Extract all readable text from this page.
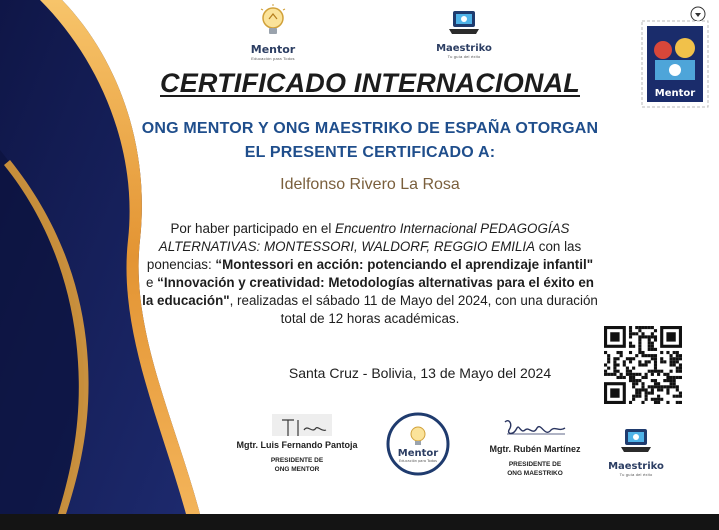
Mentor
Educación para Todos
Maestriko
Tu guía del éxito
Mentor
CERTIFICADO INTERNACIONAL
ONG MENTOR Y ONG MAESTRIKO DE ESPAÑA OTORGAN
EL PRESENTE CERTIFICADO A:
Idelfonso Rivero La Rosa
Por haber participado en el Encuentro Internacional PEDAGOGÍAS ALTERNATIVAS: MONTESSORI, WALDORF, REGGIO EMILIA con las ponencias: “Montessori en acción: potenciando el aprendizaje infantil" e “Innovación y creatividad: Metodologías alternativas para el éxito en la educación", realizadas el sábado 11 de Mayo del 2024, con una duración total de 12 horas académicas.
Santa Cruz - Bolivia, 13 de Mayo del 2024
Mgtr. Luis Fernando Pantoja
PRESIDENTE DE
ONG MENTOR
Mentor
Educación para Todos
Mgtr. Rubén Martínez
PRESIDENTE DE
ONG MAESTRIKO
Maestriko
Tu guía del éxito
